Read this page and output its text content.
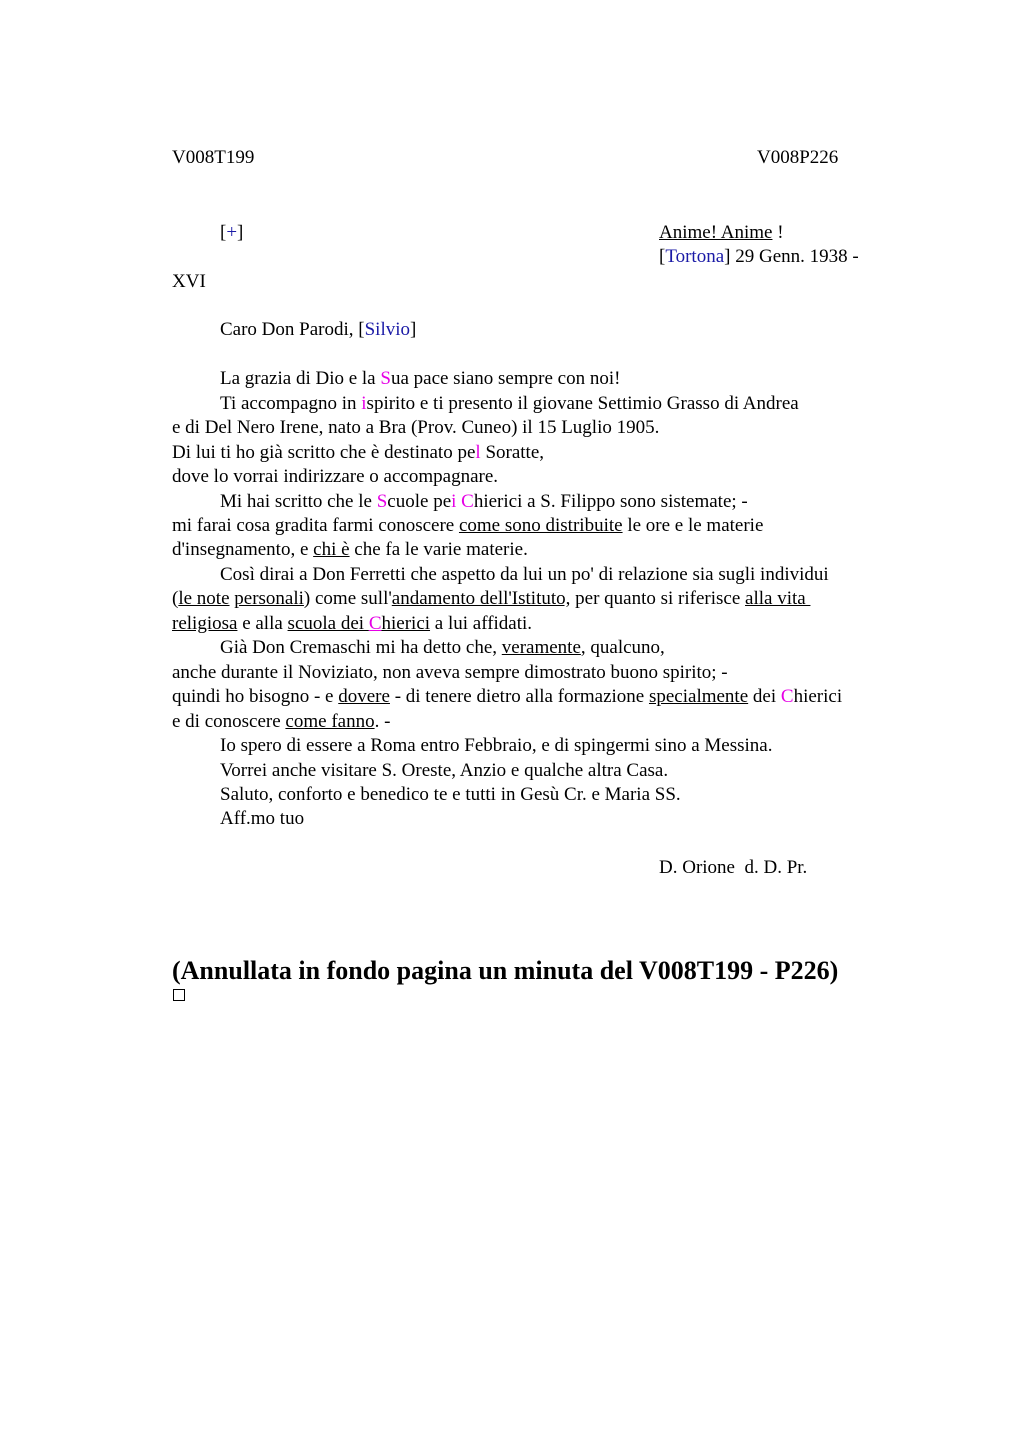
V008T199	V008P226
[+]	Anime! Anime !
[Tortona] 29 Genn. 1938 -
XVI
Caro Don Parodi, [Silvio]
La grazia di Dio e la Sua pace siano sempre con noi!
Ti accompagno in ispirito e ti presento il giovane Settimio Grasso di Andrea
e di Del Nero Irene, nato a Bra (Prov. Cuneo) il 15 Luglio 1905.
Di lui ti ho già scritto che è destinato pel Soratte,
dove lo vorrai indirizzare o accompagnare.
Mi hai scritto che le Scuole pei Chierici a S. Filippo sono sistemate; -
mi farai cosa gradita farmi conoscere come sono distribuite le ore e le materie
d'insegnamento, e chi è che fa le varie materie.
Così dirai a Don Ferretti che aspetto da lui un po' di relazione sia sugli individui
(le note personali) come sull'andamento dell'Istituto, per quanto si riferisce alla vita
religiosa e alla scuola dei Chierici a lui affidati.
Già Don Cremaschi mi ha detto che, veramente, qualcuno,
anche durante il Noviziato, non aveva sempre dimostrato buono spirito; -
quindi ho bisogno - e dovere - di tenere dietro alla formazione specialmente dei Chierici
e di conoscere come fanno. -
Io spero di essere a Roma entro Febbraio, e di spingermi sino a Messina.
Vorrei anche visitare S. Oreste, Anzio e qualche altra Casa.
Saluto, conforto e benedico te e tutti in Gesù Cr. e Maria SS.
Aff.mo tuo
D. Orione  d. D. Pr.
(Annullata in fondo pagina un minuta del V008T199 - P226)
